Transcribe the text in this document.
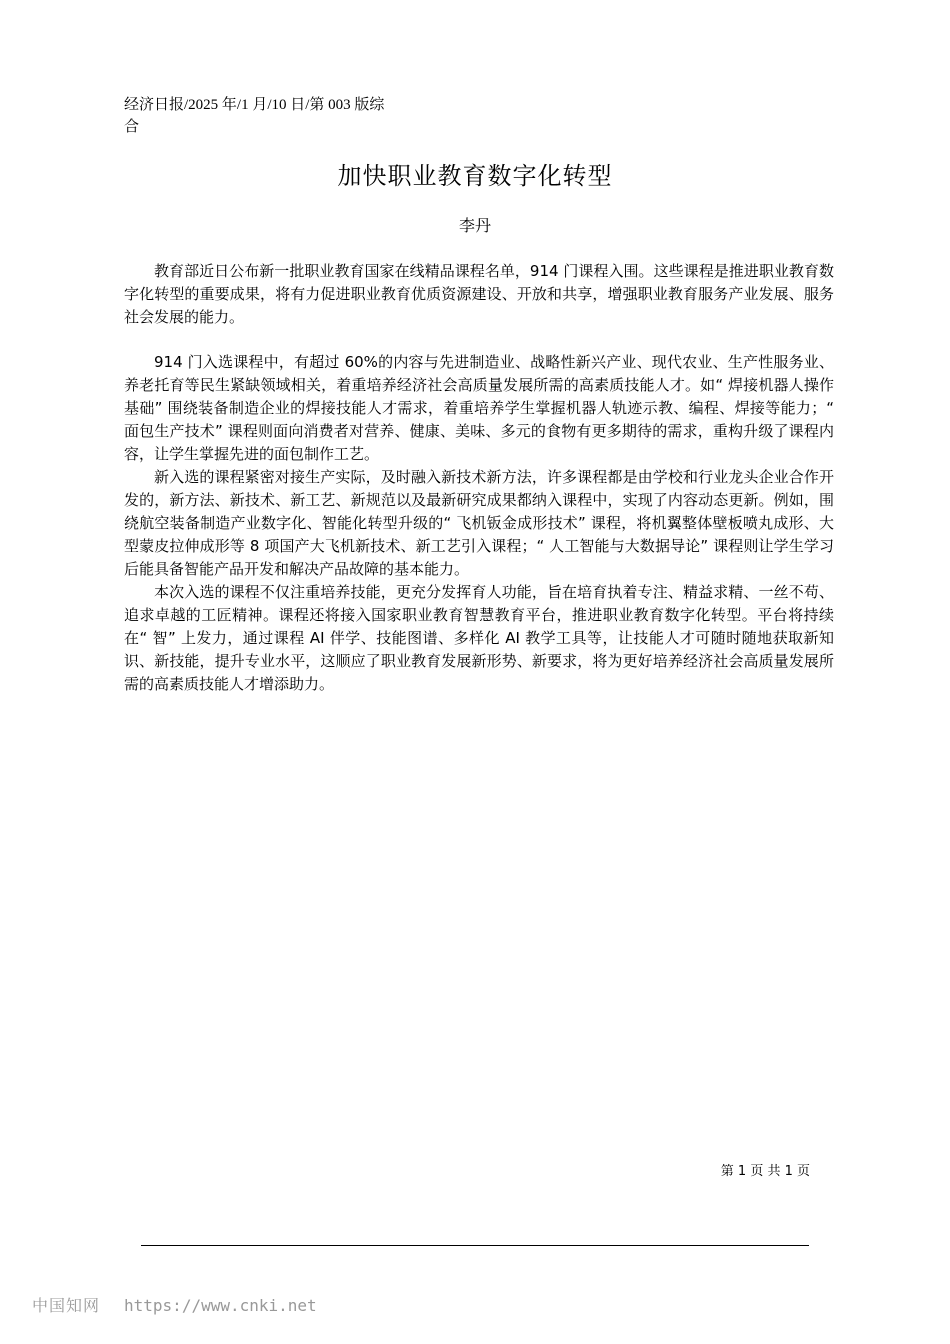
经济日报/2025 年/1 月/10 日/第 003 版综合
加快职业教育数字化转型
李丹

教育部近日公布新一批职业教育国家在线精品课程名单，914 门课程入围。这些课程是推进职业教育数字化转型的重要成果，将有力促进职业教育优质资源建设、开放和共享，增强职业教育服务产业发展、服务社会发展的能力。

914 门入选课程中，有超过 60%的内容与先进制造业、战略性新兴产业、现代农业、生产性服务业、养老托育等民生紧缺领域相关，着重培养经济社会高质量发展所需的高素质技能人才。如“ 焊接机器人操作基础” 围绕装备制造企业的焊接技能人才需求，着重培养学生掌握机器人轨迹示教、编程、焊接等能力；“ 面包生产技术” 课程则面向消费者对营养、健康、美味、多元的食物有更多期待的需求，重构升级了课程内容，让学生掌握先进的面包制作工艺。

新入选的课程紧密对接生产实际，及时融入新技术新方法，许多课程都是由学校和行业龙头企业合作开发的，新方法、新技术、新工艺、新规范以及最新研究成果都纳入课程中，实现了内容动态更新。例如，围绕航空装备制造产业数字化、智能化转型升级的“ 飞机钣金成形技术” 课程，将机翼整体壁板喷丸成形、大型蒙皮拉伸成形等 8 项国产大飞机新技术、新工艺引入课程；“ 人工智能与大数据导论” 课程则让学生学习后能具备智能产品开发和解决产品故障的基本能力。

本次入选的课程不仅注重培养技能，更充分发挥育人功能，旨在培育执着专注、精益求精、一丝不苟、追求卓越的工匠精神。课程还将接入国家职业教育智慧教育平台，推进职业教育数字化转型。平台将持续在“ 智” 上发力，通过课程 AI 伴学、技能图谱、多样化 AI 教学工具等，让技能人才可随时随地获取新知识、新技能，提升专业水平，这顺应了职业教育发展新形势、新要求，将为更好培养经济社会高质量发展所需的高素质技能人才增添助力。

第 1 页 共 1 页
中国知网 https://www.cnki.net
